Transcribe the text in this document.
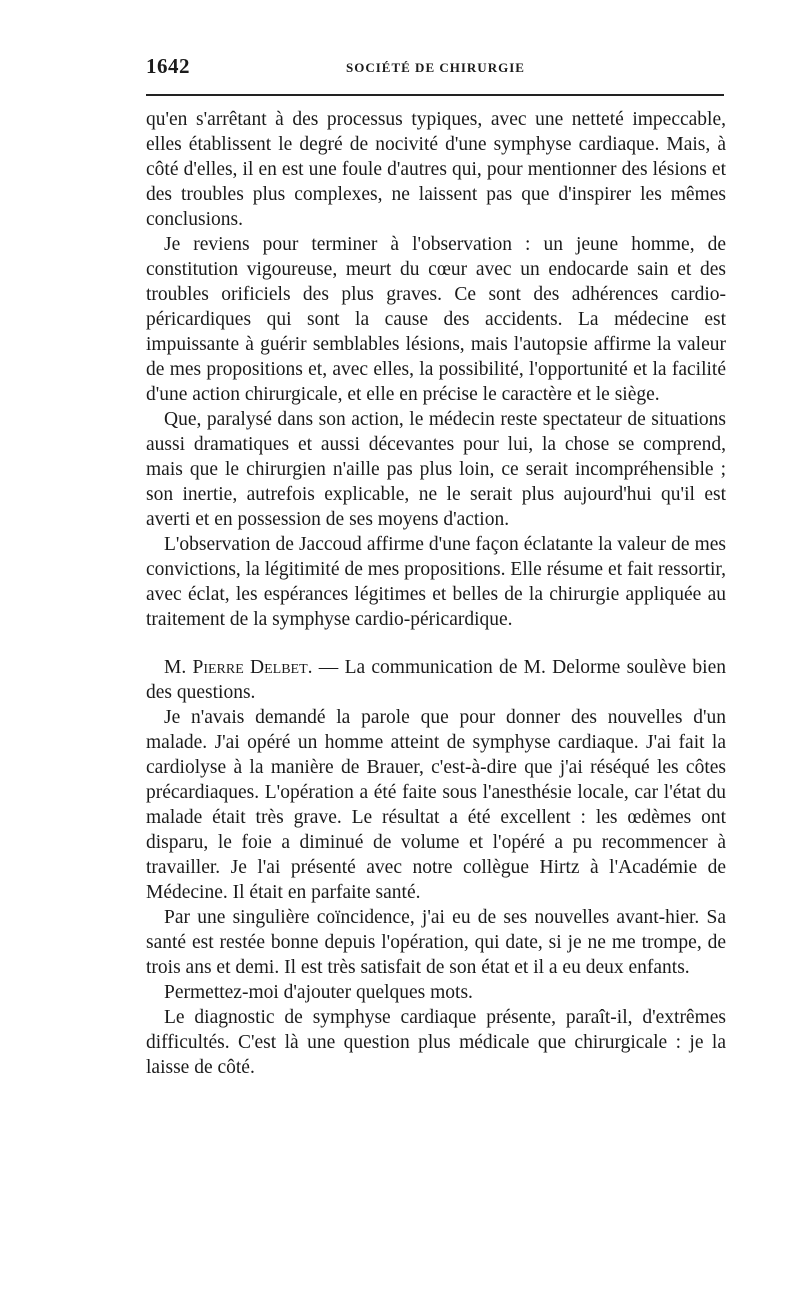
1642	SOCIÉTÉ DE CHIRURGIE

qu'en s'arrêtant à des processus typiques, avec une netteté impeccable, elles établissent le degré de nocivité d'une symphyse cardiaque. Mais, à côté d'elles, il en est une foule d'autres qui, pour mentionner des lésions et des troubles plus complexes, ne laissent pas que d'inspirer les mêmes conclusions.

Je reviens pour terminer à l'observation : un jeune homme, de constitution vigoureuse, meurt du cœur avec un endocarde sain et des troubles orificiels des plus graves. Ce sont des adhérences cardio-péricardiques qui sont la cause des accidents. La médecine est impuissante à guérir semblables lésions, mais l'autopsie affirme la valeur de mes propositions et, avec elles, la possibilité, l'opportunité et la facilité d'une action chirurgicale, et elle en précise le caractère et le siège.

Que, paralysé dans son action, le médecin reste spectateur de situations aussi dramatiques et aussi décevantes pour lui, la chose se comprend, mais que le chirurgien n'aille pas plus loin, ce serait incompréhensible ; son inertie, autrefois explicable, ne le serait plus aujourd'hui qu'il est averti et en possession de ses moyens d'action.

L'observation de Jaccoud affirme d'une façon éclatante la valeur de mes convictions, la légitimité de mes propositions. Elle résume et fait ressortir, avec éclat, les espérances légitimes et belles de la chirurgie appliquée au traitement de la symphyse cardio-péricardique.

M. Pierre Delbet. — La communication de M. Delorme soulève bien des questions.

Je n'avais demandé la parole que pour donner des nouvelles d'un malade. J'ai opéré un homme atteint de symphyse cardiaque. J'ai fait la cardiolyse à la manière de Brauer, c'est-à-dire que j'ai réséqué les côtes précardiaques. L'opération a été faite sous l'anesthésie locale, car l'état du malade était très grave. Le résultat a été excellent : les œdèmes ont disparu, le foie a diminué de volume et l'opéré a pu recommencer à travailler. Je l'ai présenté avec notre collègue Hirtz à l'Académie de Médecine. Il était en parfaite santé.

Par une singulière coïncidence, j'ai eu de ses nouvelles avant-hier. Sa santé est restée bonne depuis l'opération, qui date, si je ne me trompe, de trois ans et demi. Il est très satisfait de son état et il a eu deux enfants.

Permettez-moi d'ajouter quelques mots.

Le diagnostic de symphyse cardiaque présente, paraît-il, d'extrêmes difficultés. C'est là une question plus médicale que chirurgicale : je la laisse de côté.
